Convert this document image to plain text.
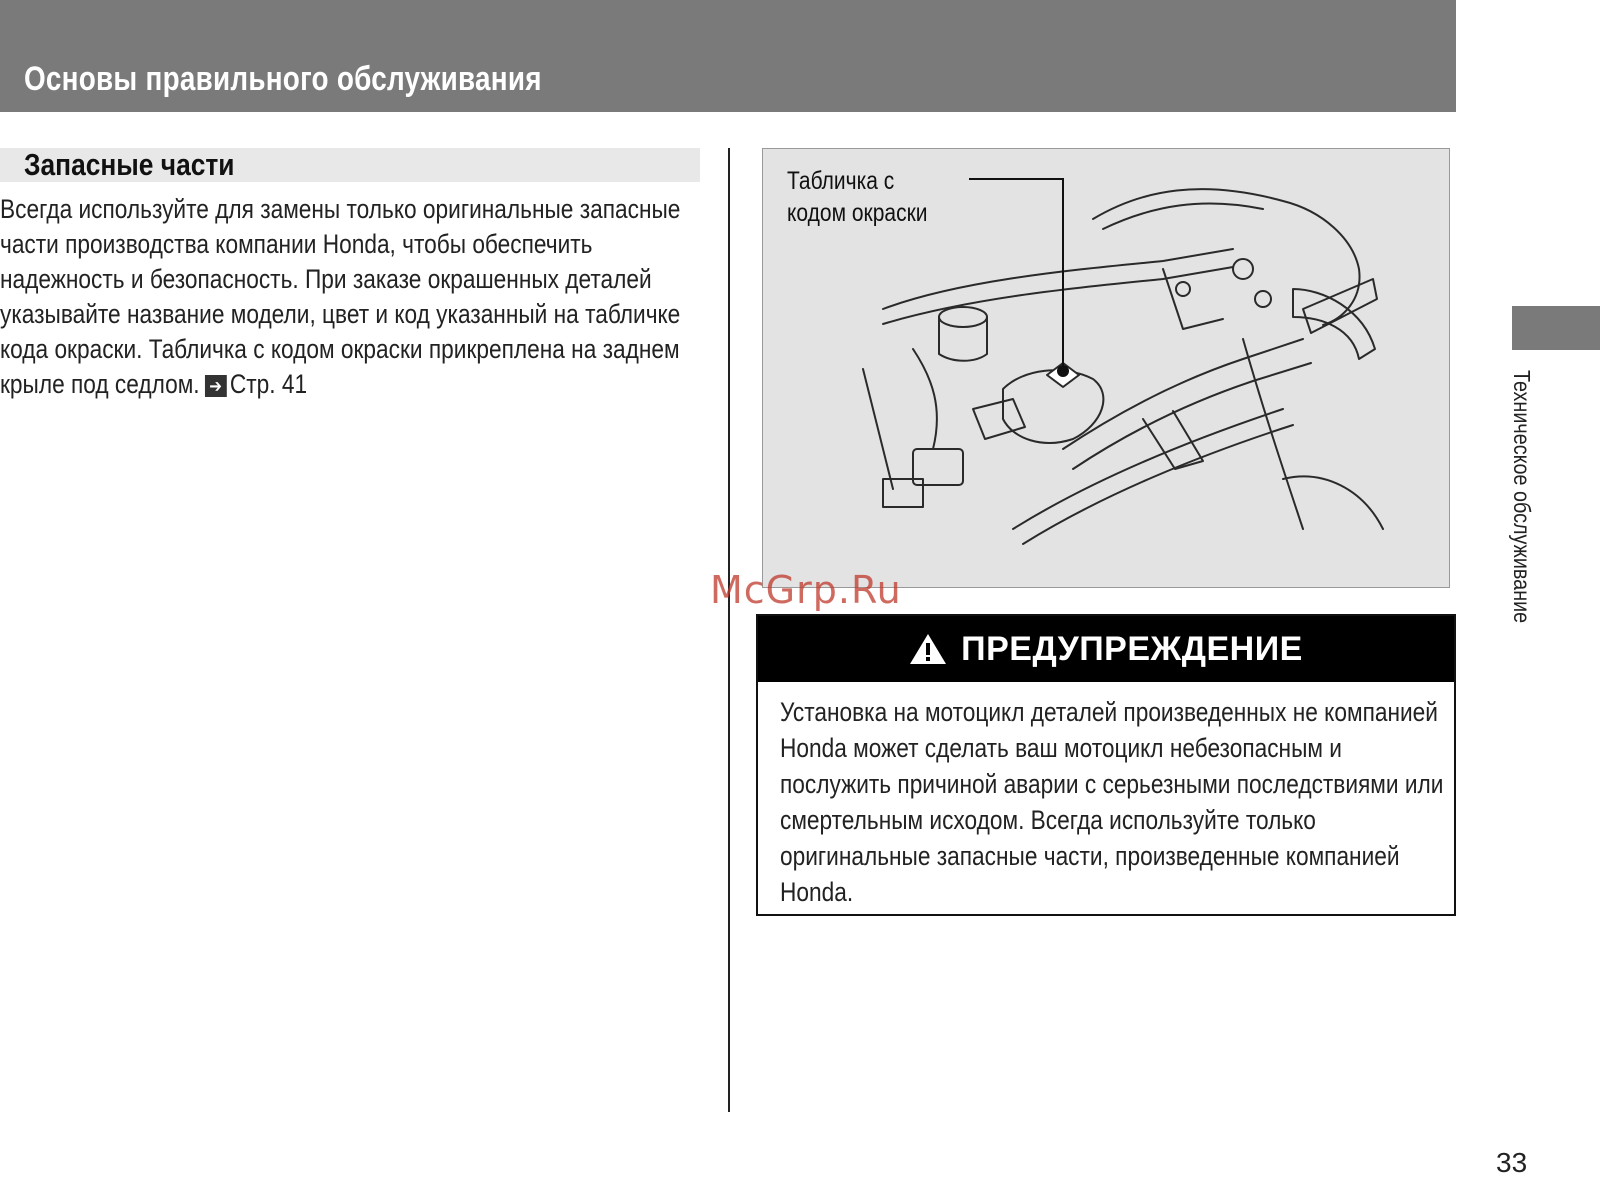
Основы правильного обслуживания
Запасные части

Всегда используйте для замены только оригинальные запасные части производства компании Honda, чтобы обеспечить надежность и безопасность. При заказе окрашенных деталей указывайте название модели, цвет и код указанный на табличке кода окраски. Табличка с кодом окраски прикреплена на заднем крыле под седлом. ➔ Стр. 41

Табличка с кодом окраски

McGrp.Ru

ПРЕДУПРЕЖДЕНИЕ

Установка на мотоцикл деталей произведенных не компанией Honda может сделать ваш мотоцикл небезопасным и послужить причиной аварии с серьезными последствиями или смертельным исходом. Всегда используйте только оригинальные запасные части, произведенные компанией Honda.

Техническое обслуживание

33
